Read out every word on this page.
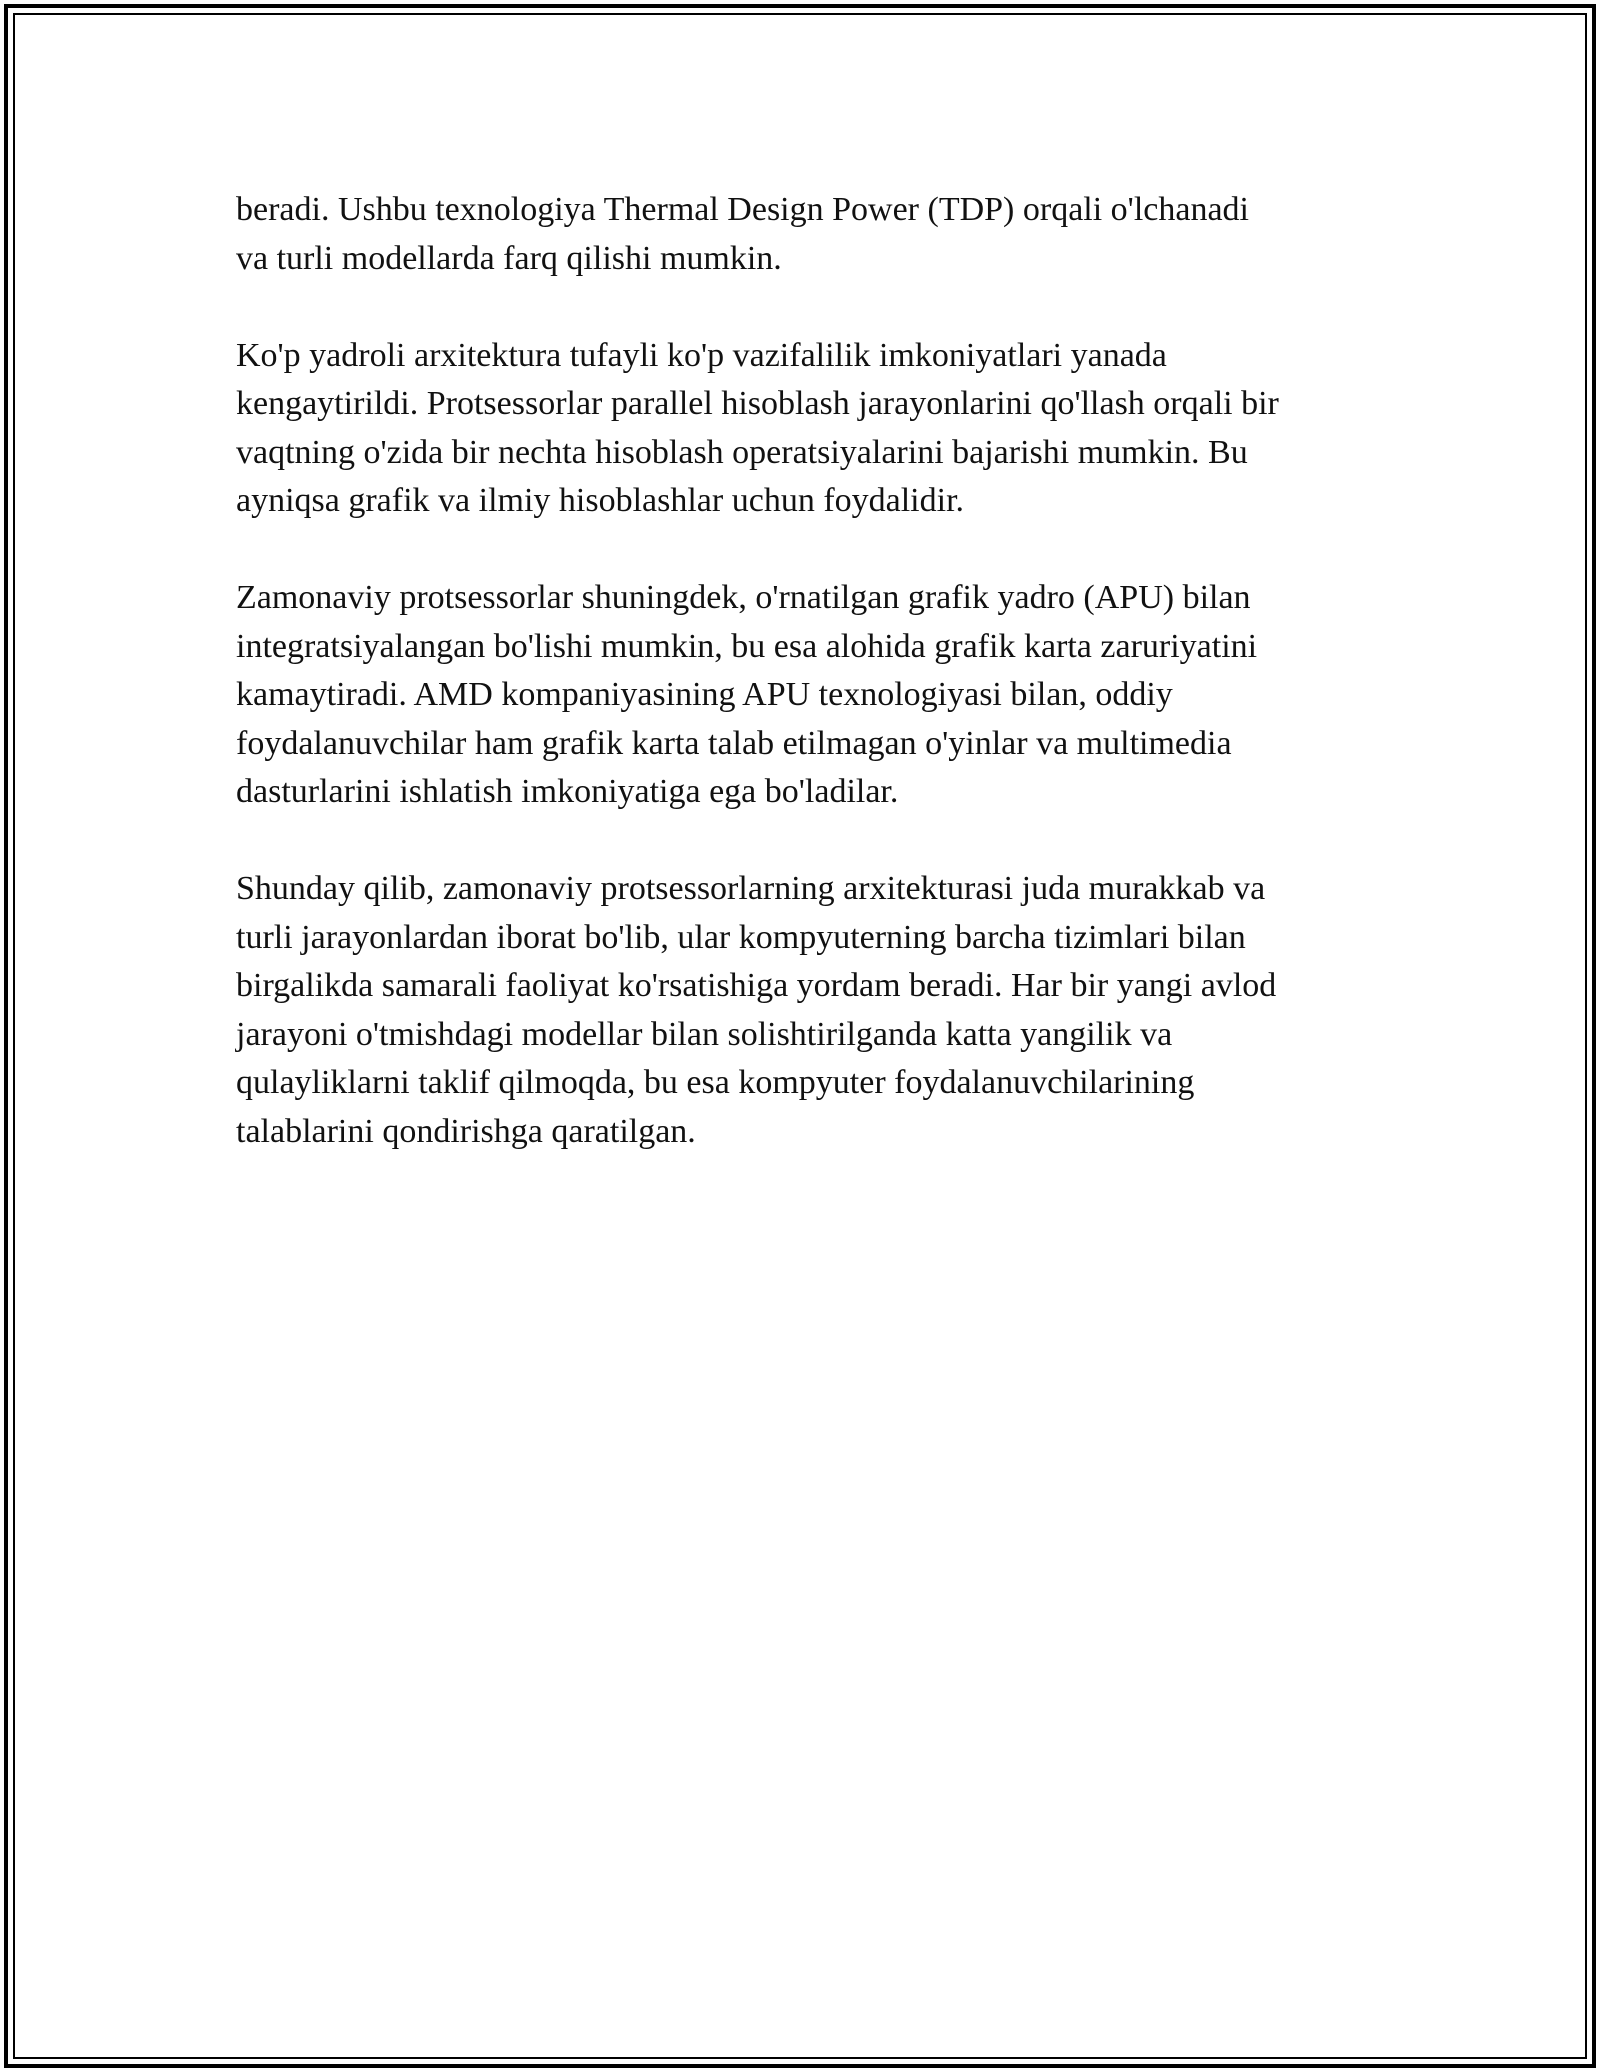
beradi. Ushbu texnologiya Thermal Design Power (TDP) orqali o'lchanadi
va turli modellarda farq qilishi mumkin.

Ko'p yadroli arxitektura tufayli ko'p vazifalilik imkoniyatlari yanada
kengaytirildi. Protsessorlar parallel hisoblash jarayonlarini qo'llash orqali bir
vaqtning o'zida bir nechta hisoblash operatsiyalarini bajarishi mumkin. Bu
ayniqsa grafik va ilmiy hisoblashlar uchun foydalidir.

Zamonaviy protsessorlar shuningdek, o'rnatilgan grafik yadro (APU) bilan
integratsiyalangan bo'lishi mumkin, bu esa alohida grafik karta zaruriyatini
kamaytiradi. AMD kompaniyasining APU texnologiyasi bilan, oddiy
foydalanuvchilar ham grafik karta talab etilmagan o'yinlar va multimedia
dasturlarini ishlatish imkoniyatiga ega bo'ladilar.

Shunday qilib, zamonaviy protsessorlarning arxitekturasi juda murakkab va
turli jarayonlardan iborat bo'lib, ular kompyuterning barcha tizimlari bilan
birgalikda samarali faoliyat ko'rsatishiga yordam beradi. Har bir yangi avlod
jarayoni o'tmishdagi modellar bilan solishtirilganda katta yangilik va
qulayliklarni taklif qilmoqda, bu esa kompyuter foydalanuvchilarining
talablarini qondirishga qaratilgan.
